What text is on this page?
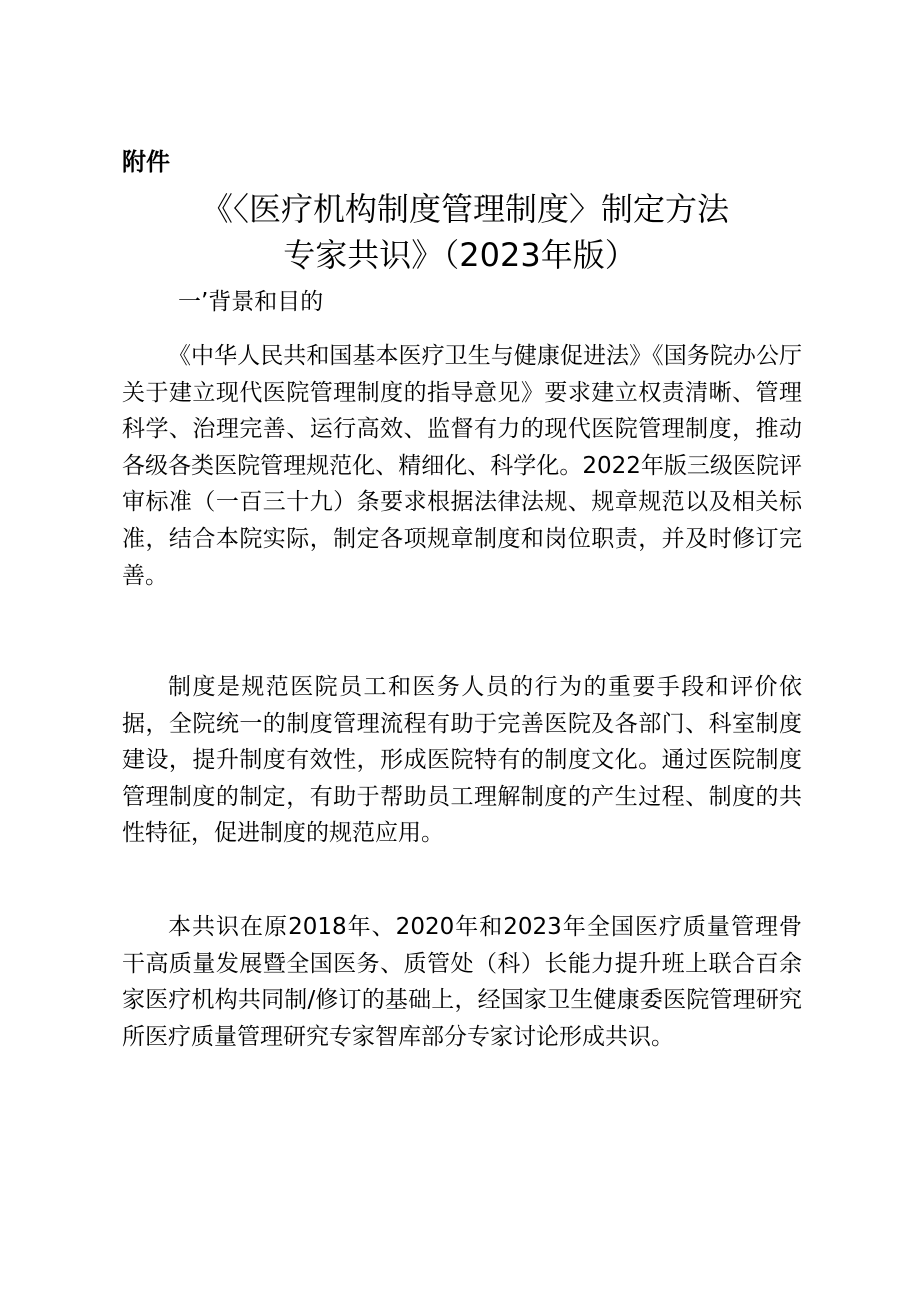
附件
《〈医疗机构制度管理制度〉制定方法
专家共识》（2023年版）
一’背景和目的

《中华人民共和国基本医疗卫生与健康促进法》《国务院办公厅关于建立现代医院管理制度的指导意见》要求建立权责清晰、管理科学、治理完善、运行高效、监督有力的现代医院管理制度，推动各级各类医院管理规范化、精细化、科学化。2022年版三级医院评审标准（一百三十九）条要求根据法律法规、规章规范以及相关标准，结合本院实际，制定各项规章制度和岗位职责，并及时修订完善。

制度是规范医院员工和医务人员的行为的重要手段和评价依据，全院统一的制度管理流程有助于完善医院及各部门、科室制度建设，提升制度有效性，形成医院特有的制度文化。通过医院制度管理制度的制定，有助于帮助员工理解制度的产生过程、制度的共性特征，促进制度的规范应用。

本共识在原2018年、2020年和2023年全国医疗质量管理骨干高质量发展暨全国医务、质管处（科）长能力提升班上联合百余家医疗机构共同制/修订的基础上，经国家卫生健康委医院管理研究所医疗质量管理研究专家智库部分专家讨论形成共识。
